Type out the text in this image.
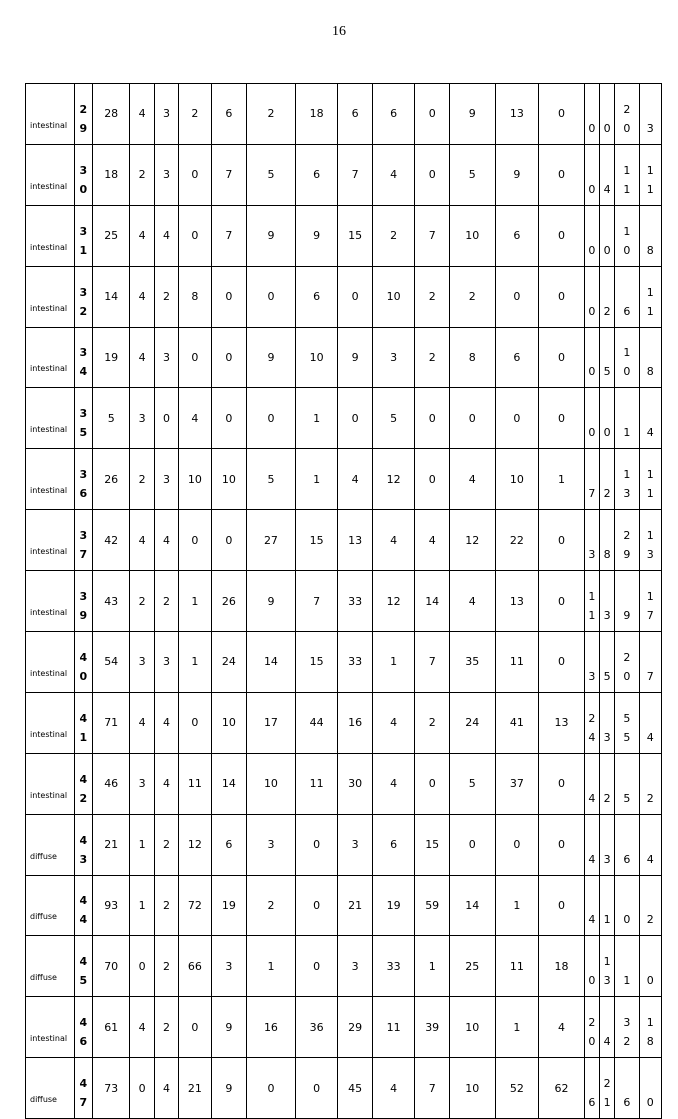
16
intestinal	29	28	4	3	2	6	2	18	6	6	0	9	13	0	0	0	20	3
intestinal	30	18	2	3	0	7	5	6	7	4	0	5	9	0	0	4	11	11
intestinal	31	25	4	4	0	7	9	9	15	2	7	10	6	0	0	0	10	8
intestinal	32	14	4	2	8	0	0	6	0	10	2	2	0	0	0	2	6	11
intestinal	34	19	4	3	0	0	9	10	9	3	2	8	6	0	0	5	10	8
intestinal	35	5	3	0	4	0	0	1	0	5	0	0	0	0	0	0	1	4
intestinal	36	26	2	3	10	10	5	1	4	12	0	4	10	1	7	2	13	11
intestinal	37	42	4	4	0	0	27	15	13	4	4	12	22	0	3	8	29	13
intestinal	39	43	2	2	1	26	9	7	33	12	14	4	13	0	11	3	9	17
intestinal	40	54	3	3	1	24	14	15	33	1	7	35	11	0	3	5	20	7
intestinal	41	71	4	4	0	10	17	44	16	4	2	24	41	13	24	3	55	4
intestinal	42	46	3	4	11	14	10	11	30	4	0	5	37	0	4	2	5	2
diffuse	43	21	1	2	12	6	3	0	3	6	15	0	0	0	4	3	6	4
diffuse	44	93	1	2	72	19	2	0	21	19	59	14	1	0	4	1	0	2
diffuse	45	70	0	2	66	3	1	0	3	33	1	25	11	18	0	13	1	0
intestinal	46	61	4	2	0	9	16	36	29	11	39	10	1	4	20	4	32	18
diffuse	47	73	0	4	21	9	0	0	45	4	7	10	52	62	6	21	6	0
